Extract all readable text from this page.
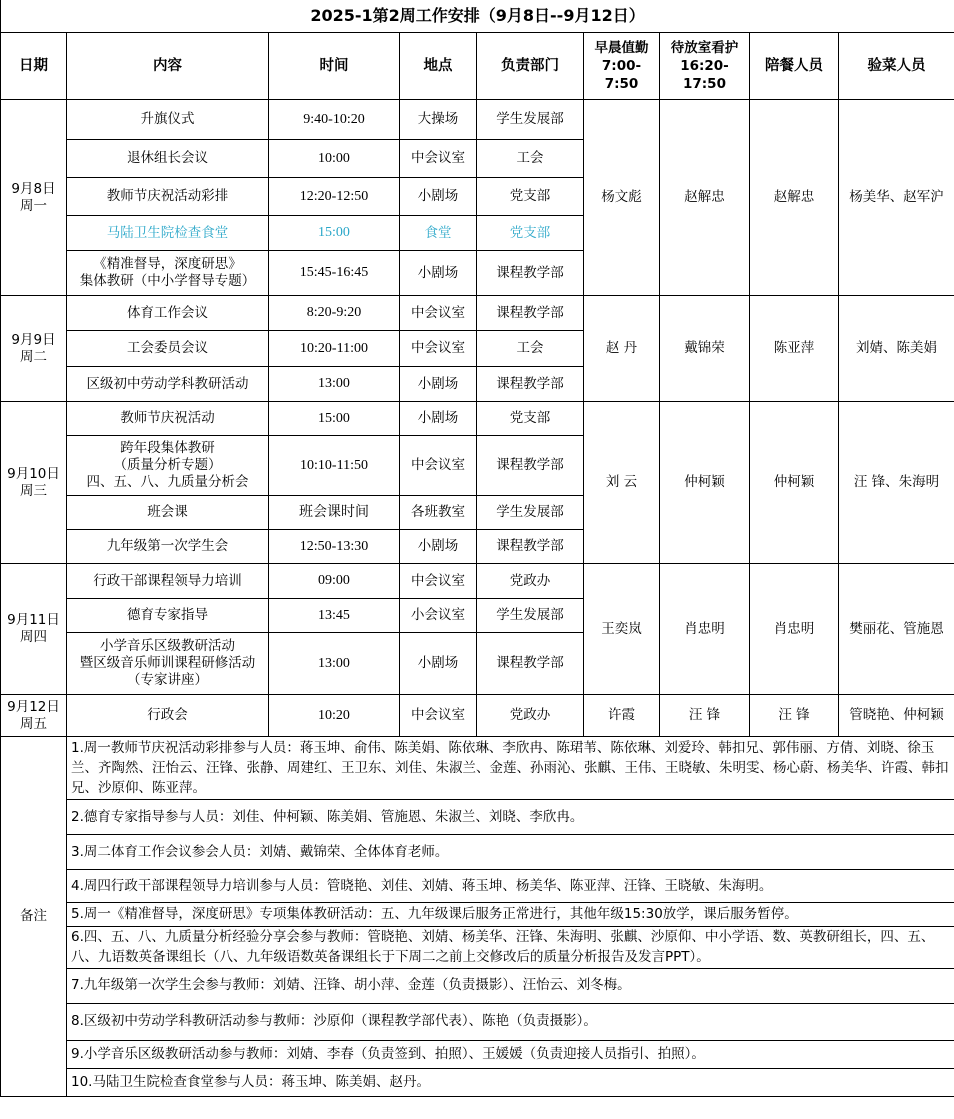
2025-1第2周工作安排（9月8日--9月12日）								
日期	内容	时间	地点	负责部门	早晨值勤
7:00-7:50	待放室看护
16:20-17:50	陪餐人员	验菜人员
9月8日
周一	升旗仪式	9:40-10:20	大操场	学生发展部	杨文彪	赵解忠	赵解忠	杨美华、赵军沪
	退休组长会议	10:00	中会议室	工会				
	教师节庆祝活动彩排	12:20-12:50	小剧场	党支部				
	马陆卫生院检查食堂	15:00	食堂	党支部				
	《精准督导，深度研思》
集体教研（中小学督导专题）	15:45-16:45	小剧场	课程教学部				
9月9日
周二	体育工作会议	8:20-9:20	中会议室	课程教学部	赵 丹	戴锦荣	陈亚萍	刘婧、陈美娟
	工会委员会议	10:20-11:00	中会议室	工会				
	区级初中劳动学科教研活动	13:00	小剧场	课程教学部				
9月10日
周三	教师节庆祝活动	15:00	小剧场	党支部	刘 云	仲柯颖	仲柯颖	汪 锋、朱海明
	跨年段集体教研
（质量分析专题）
四、五、八、九质量分析会	10:10-11:50	中会议室	课程教学部				
	班会课	班会课时间	各班教室	学生发展部				
	九年级第一次学生会	12:50-13:30	小剧场	课程教学部				
9月11日
周四	行政干部课程领导力培训	09:00	中会议室	党政办	王奕岚	肖忠明	肖忠明	樊丽花、管施恩
	德育专家指导	13:45	小会议室	学生发展部				
	小学音乐区级教研活动
暨区级音乐师训课程研修活动
（专家讲座）	13:00	小剧场	课程教学部				
9月12日
周五	行政会	10:20	中会议室	党政办	许霞	汪 锋	汪 锋	管晓艳、仲柯颖
备注	1.周一教师节庆祝活动彩排参与人员：蒋玉坤、俞伟、陈美娟、陈依琳、李欣冉、陈珺苇、陈依琳、刘爱玲、韩扣兄、郭伟丽、方倩、刘晓、徐玉兰、齐陶然、汪怡云、汪锋、张静、周建红、王卫东、刘佳、朱淑兰、金莲、孙雨沁、张麒、王伟、王晓敏、朱明雯、杨心蔚、杨美华、许霞、韩扣兄、沙原仰、陈亚萍。							
	2.德育专家指导参与人员：刘佳、仲柯颖、陈美娟、管施恩、朱淑兰、刘晓、李欣冉。							
	3.周二体育工作会议参会人员：刘婧、戴锦荣、全体体育老师。							
	4.周四行政干部课程领导力培训参与人员：管晓艳、刘佳、刘婧、蒋玉坤、杨美华、陈亚萍、汪锋、王晓敏、朱海明。							
	5.周一《精准督导，深度研思》专项集体教研活动：五、九年级课后服务正常进行，其他年级15:30放学，课后服务暂停。							
	6.四、五、八、九质量分析经验分享会参与教师：管晓艳、刘婧、杨美华、汪锋、朱海明、张麒、沙原仰、中小学语、数、英教研组长，四、五、八、九语数英备课组长（八、九年级语数英备课组长于下周二之前上交修改后的质量分析报告及发言PPT）。							
	7.九年级第一次学生会参与教师：刘婧、汪锋、胡小萍、金莲（负责摄影）、汪怡云、刘冬梅。							
	8.区级初中劳动学科教研活动参与教师：沙原仰（课程教学部代表）、陈艳（负责摄影）。							
	9.小学音乐区级教研活动参与教师：刘婧、李春（负责签到、拍照）、王媛媛（负责迎接人员指引、拍照）。							
	10.马陆卫生院检查食堂参与人员：蒋玉坤、陈美娟、赵丹。							
